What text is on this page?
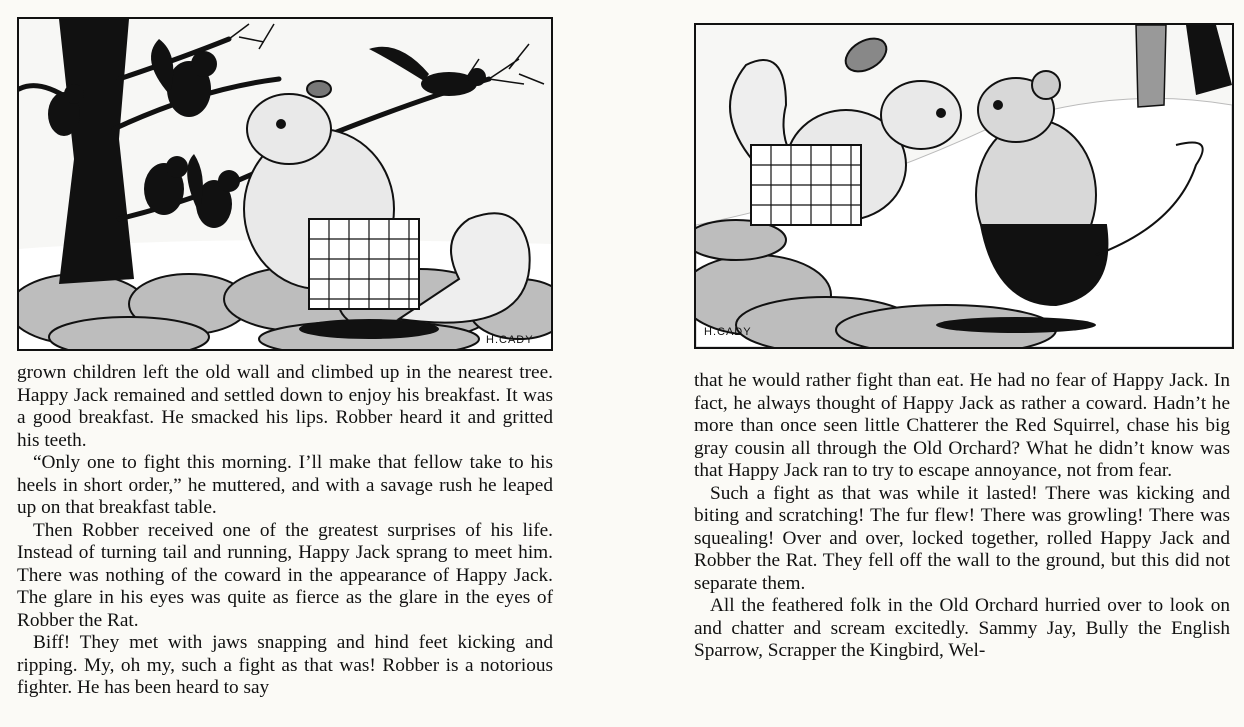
H.CADY

grown children left the old wall and climbed up in the nearest tree. Happy Jack remained and settled down to enjoy his breakfast. It was a good breakfast. He smacked his lips. Robber heard it and gritted his teeth.

“Only one to fight this morning. I’ll make that fellow take to his heels in short order,” he muttered, and with a savage rush he leaped up on that breakfast table.

Then Robber received one of the greatest surprises of his life. Instead of turning tail and running, Happy Jack sprang to meet him. There was nothing of the coward in the appearance of Happy Jack. The glare in his eyes was quite as fierce as the glare in the eyes of Robber the Rat.

Biff! They met with jaws snapping and hind feet kicking and ripping. My, oh my, such a fight as that was! Robber is a notorious fighter. He has been heard to say

H.CADY

that he would rather fight than eat. He had no fear of Happy Jack. In fact, he always thought of Happy Jack as rather a coward. Hadn’t he more than once seen little Chatterer the Red Squirrel, chase his big gray cousin all through the Old Orchard? What he didn’t know was that Happy Jack ran to try to escape annoyance, not from fear.

Such a fight as that was while it lasted! There was kicking and biting and scratching! The fur flew! There was growling! There was squealing! Over and over, locked together, rolled Happy Jack and Robber the Rat. They fell off the wall to the ground, but this did not separate them.

All the feathered folk in the Old Orchard hurried over to look on and chatter and scream excitedly. Sammy Jay, Bully the English Sparrow, Scrapper the Kingbird, Wel-
